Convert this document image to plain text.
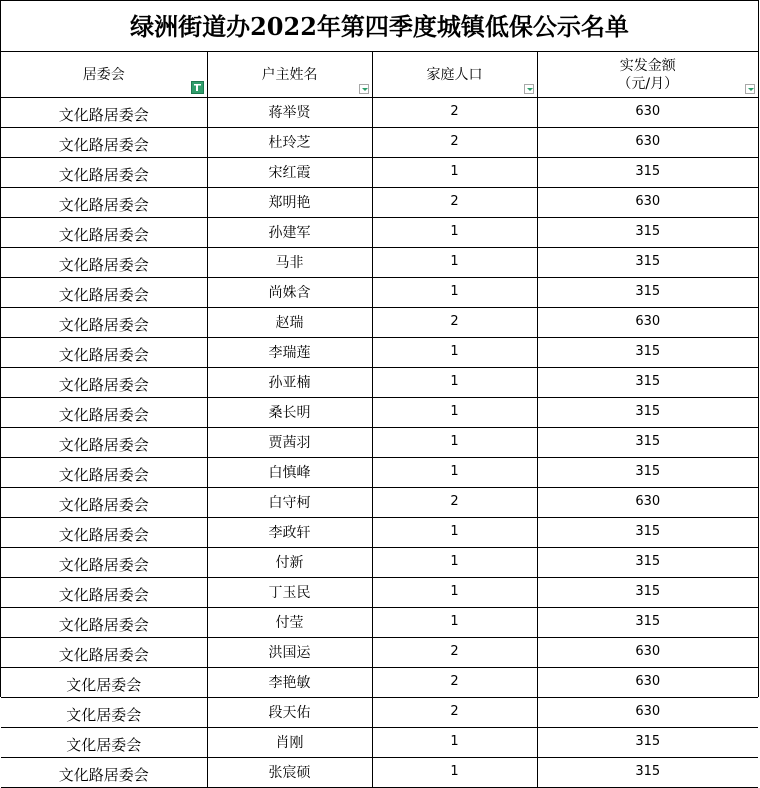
绿洲街道办2022年第四季度城镇低保公示名单
居委会	户主姓名	家庭人口	实发金额
（元/月）

文化路居委会	蒋举贤	2	630
文化路居委会	杜玲芝	2	630
文化路居委会	宋红霞	1	315
文化路居委会	郑明艳	2	630
文化路居委会	孙建军	1	315
文化路居委会	马非	1	315
文化路居委会	尚姝含	1	315
文化路居委会	赵瑞	2	630
文化路居委会	李瑞莲	1	315
文化路居委会	孙亚楠	1	315
文化路居委会	桑长明	1	315
文化路居委会	贾茜羽	1	315
文化路居委会	白慎峰	1	315
文化路居委会	白守柯	2	630
文化路居委会	李政轩	1	315
文化路居委会	付新	1	315
文化路居委会	丁玉民	1	315
文化路居委会	付莹	1	315
文化路居委会	洪国运	2	630
文化居委会	李艳敏	2	630
文化居委会	段天佑	2	630
文化居委会	肖刚	1	315
文化路居委会	张宸硕	1	315
